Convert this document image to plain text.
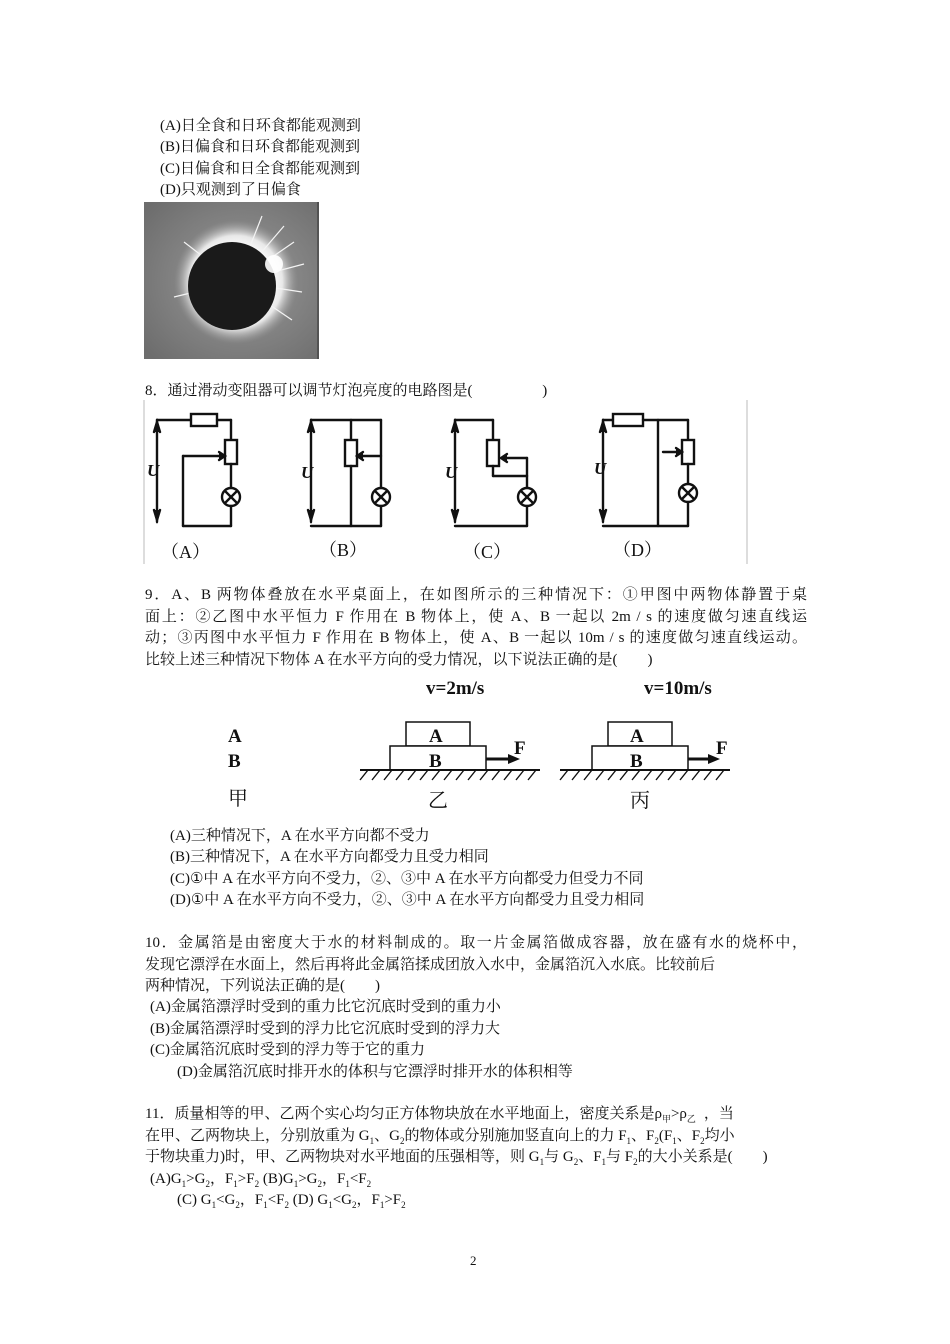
(A)日全食和日环食都能观测到
(B)日偏食和日环食都能观测到
(C)日偏食和日全食都能观测到
(D)只观测到了日偏食
8．通过滑动变阻器可以调节灯泡亮度的电路图是(	)
U	U	U	U
（A）	（B）	（C）	（D）
9．A、B 两物体叠放在水平桌面上，在如图所示的三种情况下：①甲图中两物体静置于桌
面上：②乙图中水平恒力 F 作用在 B 物体上，使 A、B 一起以 2m / s 的速度做匀速直线运
动；③丙图中水平恒力 F 作用在 B 物体上，使 A、B 一起以 10m / s 的速度做匀速直线运动。
比较上述三种情况下物体 A 在水平方向的受力情况，以下说法正确的是(　　)
v=2m/s	v=10m/s
A
B
A
B
F
A
B
F
甲	乙	丙
(A)三种情况下，A 在水平方向都不受力
(B)三种情况下，A 在水平方向都受力且受力相同
(C)①中 A 在水平方向不受力，②、③中 A 在水平方向都受力但受力不同
(D)①中 A 在水平方向不受力，②、③中 A 在水平方向都受力且受力相同
10．金属箔是由密度大于水的材料制成的。取一片金属箔做成容器，放在盛有水的烧杯中，
发现它漂浮在水面上，然后再将此金属箔揉成团放入水中，金属箔沉入水底。比较前后
两种情况，下列说法正确的是(　　)
(A)金属箔漂浮时受到的重力比它沉底时受到的重力小
(B)金属箔漂浮时受到的浮力比它沉底时受到的浮力大
(C)金属箔沉底时受到的浮力等于它的重力
(D)金属箔沉底时排开水的体积与它漂浮时排开水的体积相等
11．质量相等的甲、乙两个实心均匀正方体物块放在水平地面上，密度关系是$\rho_甲>\rho_乙$ ，当
在甲、乙两物块上，分别放重为 $G_1$、$G_2$的物体或分别施加竖直向上的力 $F_1$、$F_2(F_1$、$F_2$均小
于物块重力)时，甲、乙两物块对水平地面的压强相等，则 $G_1$与 $G_2$、$F_1$与 $F_2$的大小关系是(　　)
$(A)G_1>G_2$，$F_1>F_2$ $(B)G_1>G_2$，$F_1<F_2$
(C) $G_1<G_2$，$F_1<F_2$ (D) $G_1<G_2$，$F_1>F_2$
2
